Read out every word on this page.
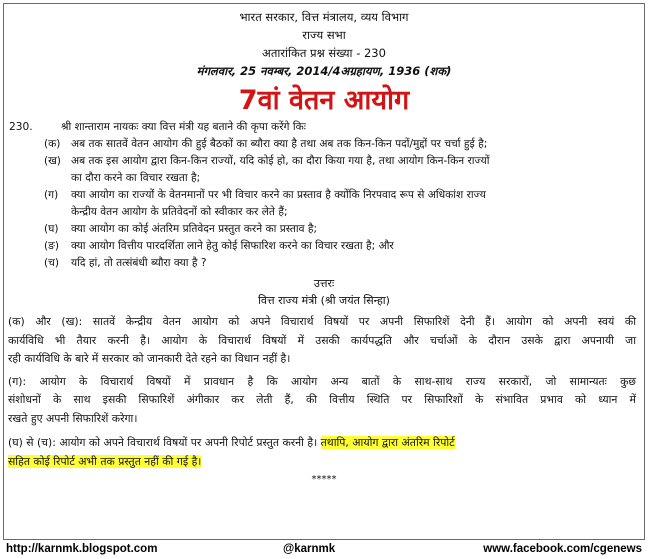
भारत सरकार, वित्त मंत्रालय, व्यय विभाग
राज्य सभा
अतारांकित प्रश्न संख्या - 230
मंगलवार, 25 नवम्बर, 2014/4अग्रहायण, 1936 (शक)
7वां वेतन आयोग
230.	श्री शान्ताराम नायकः क्या वित्त मंत्री यह बताने की कृपा करेंगे किः
(क) अब तक सातवें वेतन आयोग की हुई बैठकों का ब्यौरा क्या है तथा अब तक किन-किन पदों/मुद्दों पर चर्चा हुई है;
(ख) अब तक इस आयोग द्वारा किन-किन राज्यों, यदि कोई हो, का दौरा किया गया है, तथा आयोग किन-किन राज्यों
का दौरा करने का विचार रखता है;
(ग) क्या आयोग का राज्यों के वेतनमानों पर भी विचार करने का प्रस्ताव है क्योंकि निरपवाद रूप से अधिकांश राज्य
केन्द्रीय वेतन आयोग के प्रतिवेदनों को स्वीकार कर लेते हैं;
(घ) क्या आयोग का कोई अंतरिम प्रतिवेदन प्रस्तुत करने का प्रस्ताव है;
(ङ) क्या आयोग वित्तीय पारदर्शिता लाने हेतु कोई सिफारिश करने का विचार रखता है; और
(च) यदि हां, तो तत्संबंधी ब्यौरा क्या है ?
उत्तरः
वित्त राज्य मंत्री (श्री जयंत सिन्हा)
(क) और (ख): सातवें केन्द्रीय वेतन आयोग को अपने विचारार्थ विषयों पर अपनी सिफारिशें देनी हैं। आयोग को अपनी स्वयं की
कार्यविधि भी तैयार करनी है। आयोग के विचारार्थ विषयों में उसकी कार्यपद्धति और चर्चाओं के दौरान उसके द्वारा अपनायी जा
रही कार्यविधि के बारे में सरकार को जानकारी देते रहने का विधान नहीं है।
(ग): आयोग के विचारार्थ विषयों में प्रावधान है कि आयोग अन्य बातों के साथ-साथ राज्य सरकारों, जो सामान्यतः कुछ
संशोधनों के साथ इसकी सिफारिशें अंगीकार कर लेती हैं, की वित्तीय स्थिति पर सिफारिशों के संभावित प्रभाव को ध्यान में
रखते हुए अपनी सिफारिशें करेगा।
(घ) से (च): आयोग को अपने विचारार्थ विषयों पर अपनी रिपोर्ट प्रस्तुत करनी है। तथापि, आयोग द्वारा अंतरिम रिपोर्ट
सहित कोई रिपोर्ट अभी तक प्रस्तुत नहीं की गई है।
*****
http://karnmk.blogspot.com	@karnmk	www.facebook.com/cgenews
